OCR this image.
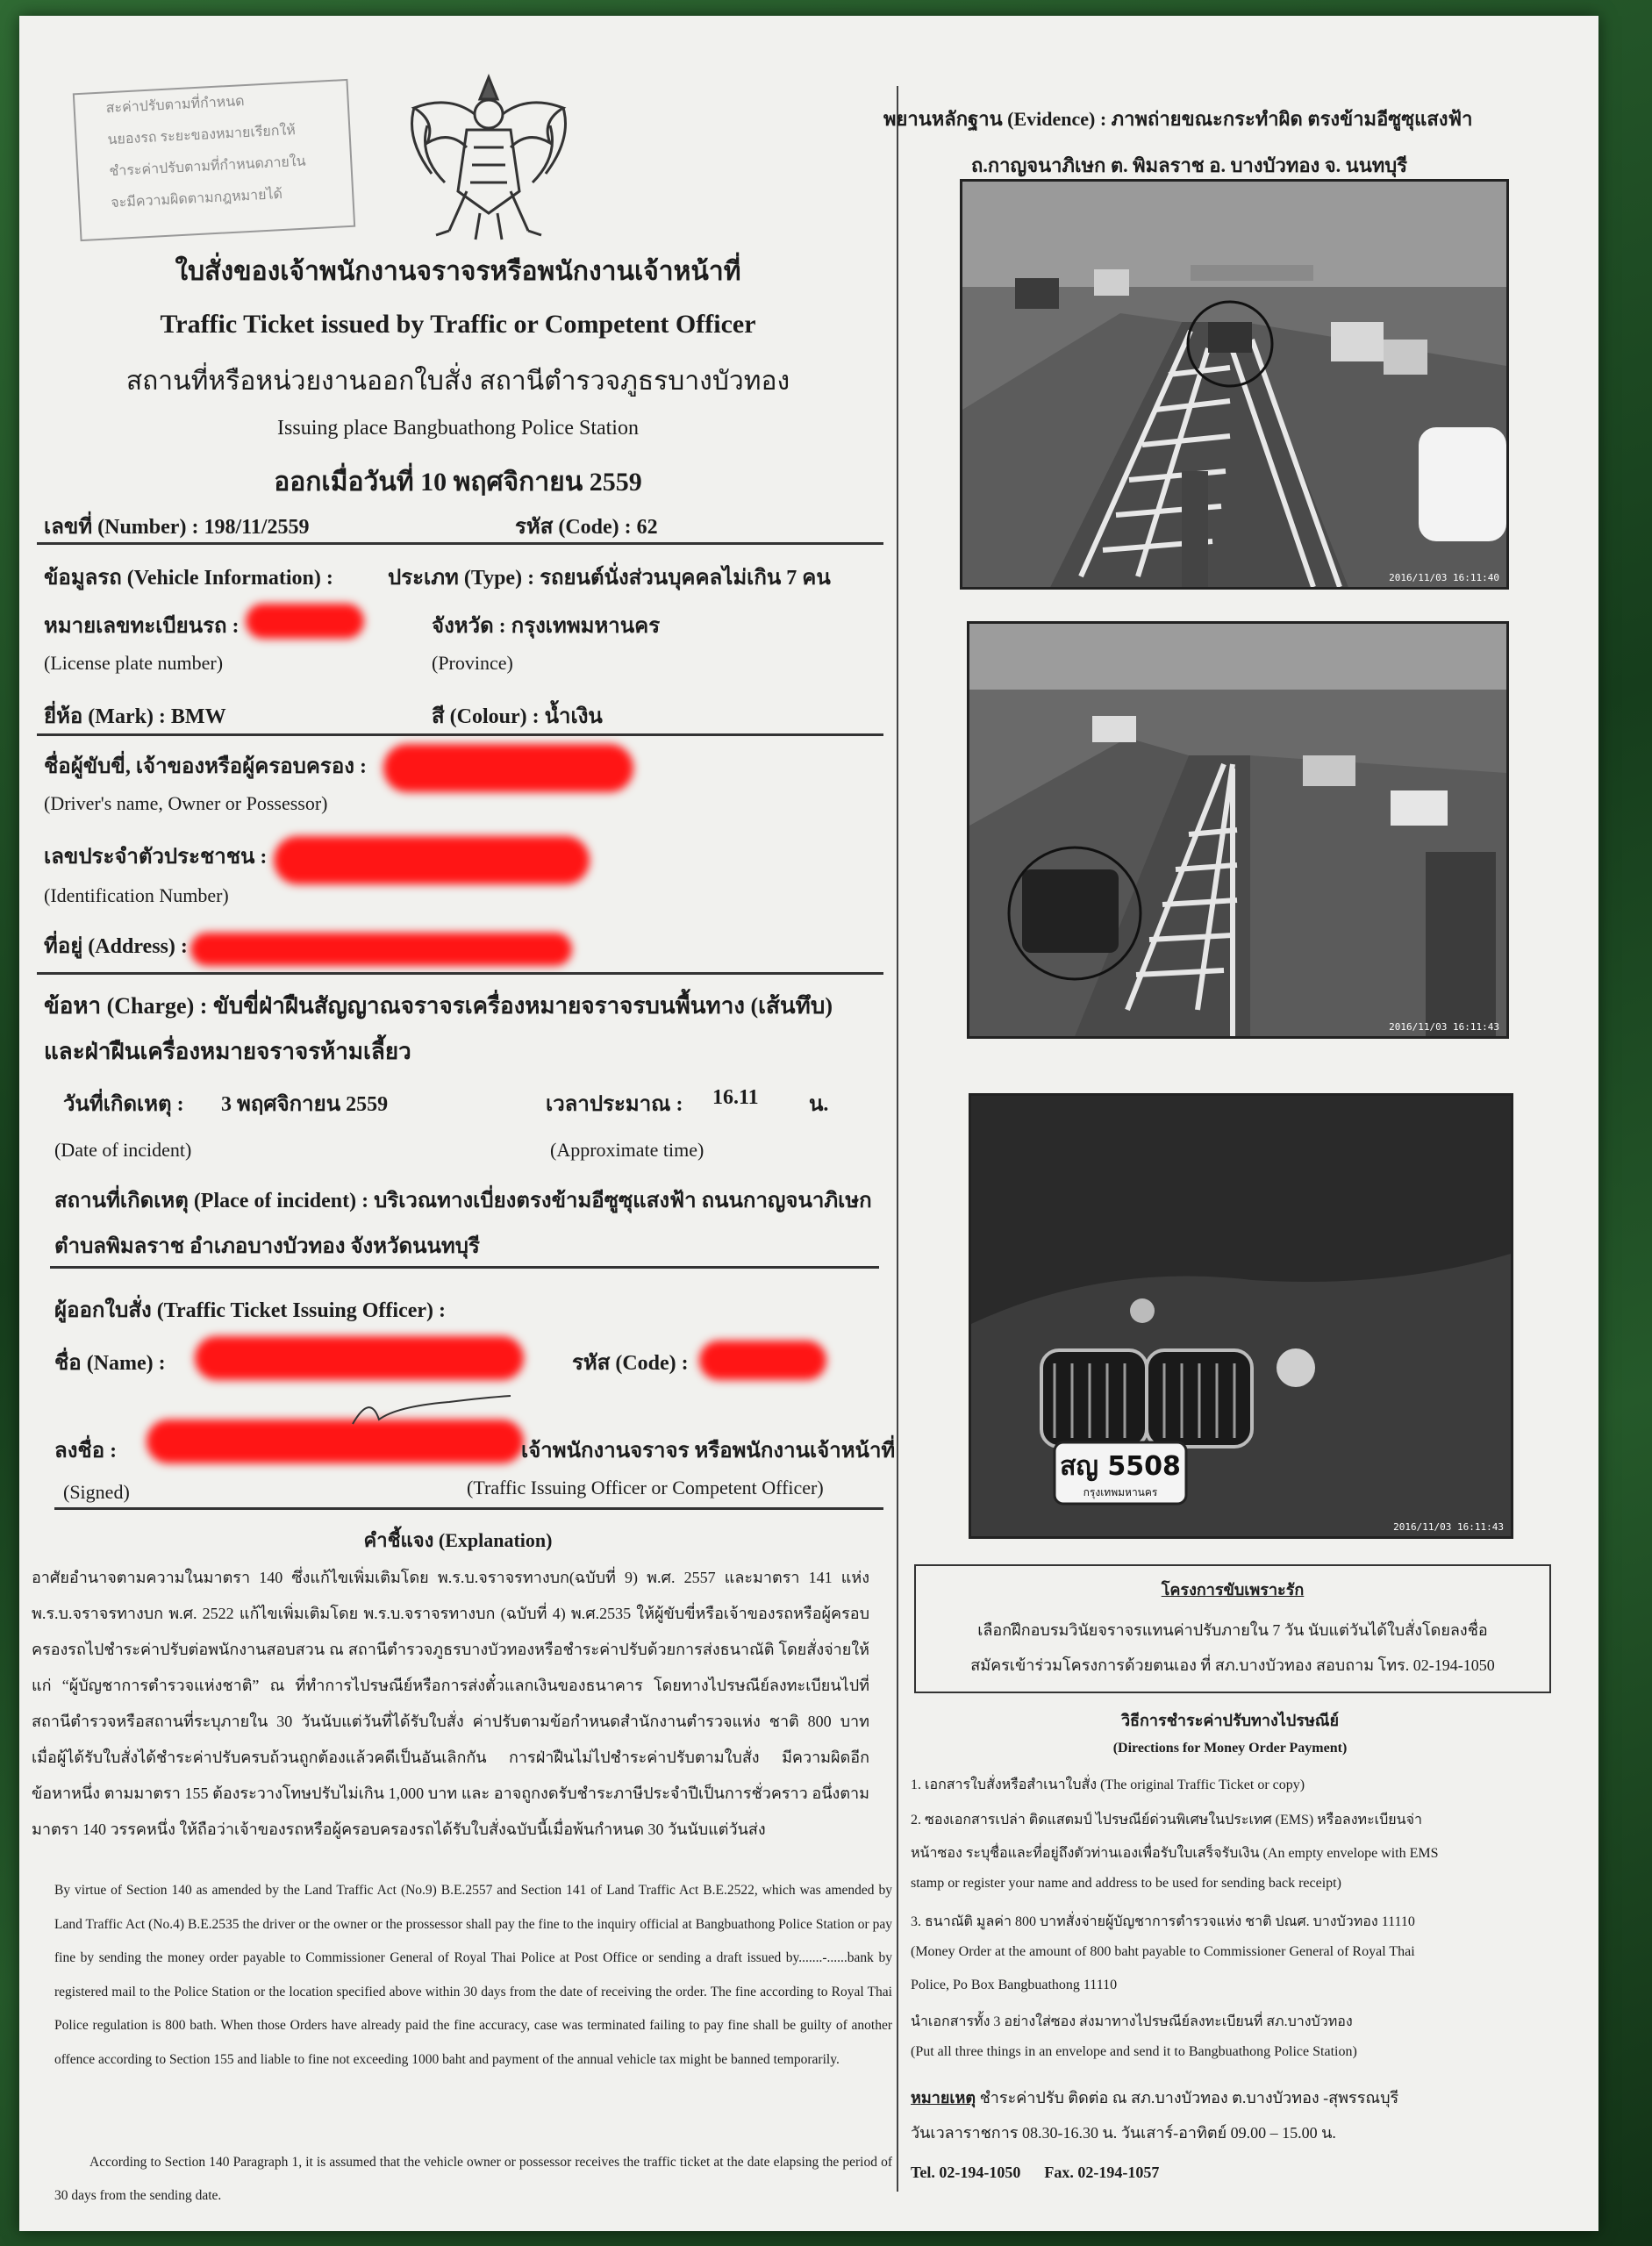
สะค่าปรับตามที่กำหนด
นยองรถ ระยะของหมายเรียกให้
ชำระค่าปรับตามที่กำหนดภายใน
จะมีความผิดตามกฎหมายได้
ใบสั่งของเจ้าพนักงานจราจรหรือพนักงานเจ้าหน้าที่
Traffic Ticket issued by Traffic or Competent Officer
สถานที่หรือหน่วยงานออกใบสั่ง สถานีตำรวจภูธรบางบัวทอง
Issuing place Bangbuathong Police Station
ออกเมื่อวันที่ 10 พฤศจิกายน 2559
เลขที่ (Number) : 198/11/2559	รหัส (Code) : 62
ข้อมูลรถ (Vehicle Information) :	ประเภท (Type) : รถยนต์นั่งส่วนบุคคลไม่เกิน 7 คน
หมายเลขทะเบียนรถ :	จังหวัด : กรุงเทพมหานคร
(License plate number)	(Province)
ยี่ห้อ (Mark) : BMW	สี (Colour) : น้ำเงิน
ชื่อผู้ขับขี่, เจ้าของหรือผู้ครอบครอง :
(Driver's name, Owner or Possessor)
เลขประจำตัวประชาชน :
(Identification Number)
ที่อยู่ (Address) :
ข้อหา (Charge) : ขับขี่ฝ่าฝืนสัญญาณจราจรเครื่องหมายจราจรบนพื้นทาง (เส้นทึบ)
และฝ่าฝืนเครื่องหมายจราจรห้ามเลี้ยว
วันที่เกิดเหตุ : 3 พฤศจิกายน 2559	เวลาประมาณ : 16.11 น.
(Date of incident)	(Approximate time)
สถานที่เกิดเหตุ (Place of incident) : บริเวณทางเบี่ยงตรงข้ามอีซูซุแสงฟ้า ถนนกาญจนาภิเษก
ตำบลพิมลราช อำเภอบางบัวทอง จังหวัดนนทบุรี
ผู้ออกใบสั่ง (Traffic Ticket Issuing Officer) :
ชื่อ (Name) :	รหัส (Code) :
ลงชื่อ :	เจ้าพนักงานจราจร หรือพนักงานเจ้าหน้าที่
(Signed)	(Traffic Issuing Officer or Competent Officer)
คำชี้แจง (Explanation)
อาศัยอำนาจตามความในมาตรา 140 ซึ่งแก้ไขเพิ่มเติมโดย พ.ร.บ.จราจรทางบก(ฉบับที่ 9) พ.ศ. 2557 และมาตรา 141 แห่ง พ.ร.บ.จราจรทางบก พ.ศ. 2522 แก้ไขเพิ่มเติมโดย พ.ร.บ.จราจรทางบก (ฉบับที่ 4) พ.ศ.2535 ให้ผู้ขับขี่หรือเจ้าของรถหรือผู้ครอบครองรถไปชำระค่าปรับต่อพนักงานสอบสวน ณ สถานีตำรวจภูธรบางบัวทองหรือชำระค่าปรับด้วยการส่งธนาณัติ โดยสั่งจ่ายให้แก่ “ผู้บัญชาการตำรวจแห่งชาติ” ณ ที่ทำการไปรษณีย์หรือการส่งตั๋วแลกเงินของธนาคาร โดยทางไปรษณีย์ลงทะเบียนไปที่สถานีตำรวจหรือสถานที่ระบุภายใน 30 วันนับแต่วันที่ได้รับใบสั่ง ค่าปรับตามข้อกำหนดสำนักงานตำรวจแห่ง ชาติ 800 บาท เมื่อผู้ได้รับใบสั่งได้ชำระค่าปรับครบถ้วนถูกต้องแล้วคดีเป็นอันเลิกกัน การฝ่าฝืนไม่ไปชำระค่าปรับตามใบสั่ง มีความผิดอีกข้อหาหนึ่ง ตามมาตรา 155 ต้องระวางโทษปรับไม่เกิน 1,000 บาท และ อาจถูกงดรับชำระภาษีประจำปีเป็นการชั่วคราว อนึ่งตามมาตรา 140 วรรคหนึ่ง ให้ถือว่าเจ้าของรถหรือผู้ครอบครองรถได้รับใบสั่งฉบับนี้เมื่อพ้นกำหนด 30 วันนับแต่วันส่ง
By virtue of Section 140 as amended by the Land Traffic Act (No.9) B.E.2557 and Section 141 of Land Traffic Act B.E.2522, which was amended by Land Traffic Act (No.4) B.E.2535 the driver or the owner or the prossessor shall pay the fine to the inquiry official at Bangbuathong Police Station or pay fine by sending the money order payable to Commissioner General of Royal Thai Police at Post Office or sending a draft issued by.......-......bank by registered mail to the Police Station or the location specified above within 30 days from the date of receiving the order. The fine according to Royal Thai Police regulation is 800 bath. When those Orders have already paid the fine accuracy, case was terminated failing to pay fine shall be guilty of another offence according to Section 155 and liable to fine not exceeding 1000 baht and payment of the annual vehicle tax might be banned temporarily.
According to Section 140 Paragraph 1, it is assumed that the vehicle owner or possessor receives the traffic ticket at the date elapsing the period of 30 days from the sending date.
พยานหลักฐาน (Evidence) : ภาพถ่ายขณะกระทำผิด ตรงข้ามอีซูซุแสงฟ้า
ถ.กาญจนาภิเษก ต. พิมลราช อ. บางบัวทอง จ. นนทบุรี
2016/11/03 16:11:40
2016/11/03 16:11:43
สญ 5508
กรุงเทพมหานคร
2016/11/03 16:11:43
โครงการขับเพราะรัก
เลือกฝึกอบรมวินัยจราจรแทนค่าปรับภายใน 7 วัน นับแต่วันได้ใบสั่งโดยลงชื่อ
สมัครเข้าร่วมโครงการด้วยตนเอง ที่ สภ.บางบัวทอง สอบถาม โทร. 02-194-1050
วิธีการชำระค่าปรับทางไปรษณีย์
(Directions for Money Order Payment)
1. เอกสารใบสั่งหรือสำเนาใบสั่ง (The original Traffic Ticket or copy)
2. ซองเอกสารเปล่า ติดแสตมป์ ไปรษณีย์ด่วนพิเศษในประเทศ (EMS) หรือลงทะเบียนจ่า
หน้าซอง ระบุชื่อและที่อยู่ถึงตัวท่านเองเพื่อรับใบเสร็จรับเงิน (An empty envelope with EMS
stamp or register your name and address to be used for sending back receipt)
3. ธนาณัติ มูลค่า 800 บาทสั่งจ่ายผู้บัญชาการตำรวจแห่ง ชาติ ปณศ. บางบัวทอง 11110
(Money Order at the amount of 800 baht payable to Commissioner General of Royal Thai
Police, Po Box Bangbuathong 11110
นำเอกสารทั้ง 3 อย่างใส่ซอง ส่งมาทางไปรษณีย์ลงทะเบียนที่ สภ.บางบัวทอง
(Put all three things in an envelope and send it to Bangbuathong Police Station)
หมายเหตุ ชำระค่าปรับ ติดต่อ ณ สภ.บางบัวทอง ต.บางบัวทอง -สุพรรณบุรี
วันเวลาราชการ 08.30-16.30 น. วันเสาร์-อาทิตย์ 09.00 – 15.00 น.
Tel. 02-194-1050      Fax. 02-194-1057
